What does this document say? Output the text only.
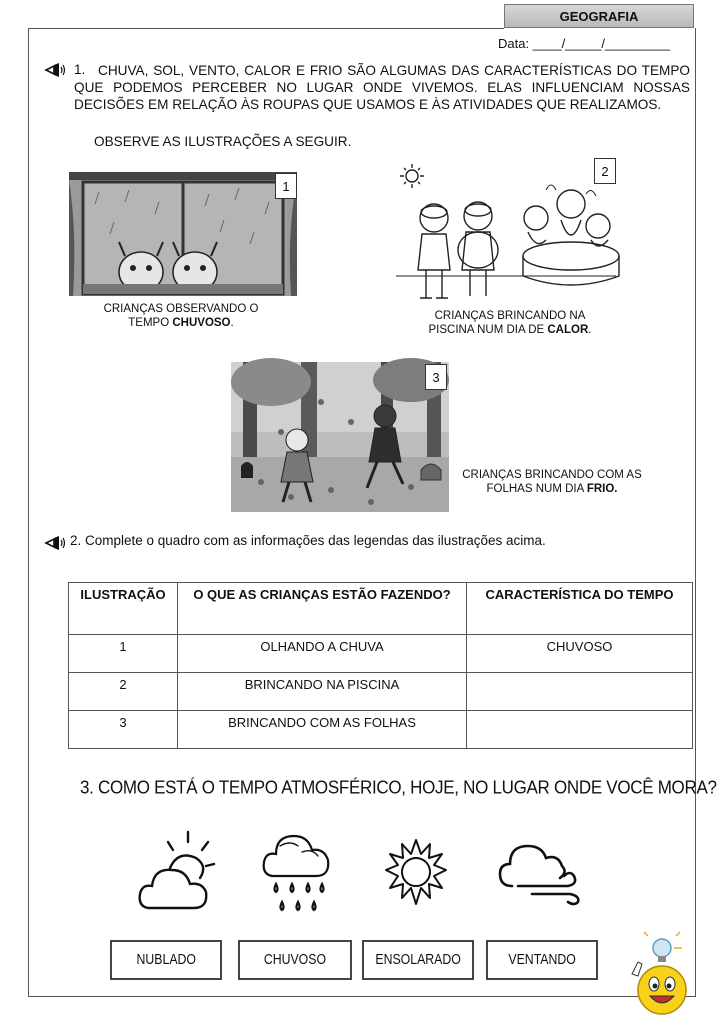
GEOGRAFIA
Data: ____/_____/_________
1. CHUVA, SOL, VENTO, CALOR E FRIO SÃO ALGUMAS DAS CARACTERÍSTICAS DO TEMPO QUE PODEMOS PERCEBER NO LUGAR ONDE VIVEMOS. ELAS INFLUENCIAM NOSSAS DECISÕES EM RELAÇÃO ÀS ROUPAS QUE USAMOS E ÀS ATIVIDADES QUE REALIZAMOS.
OBSERVE AS ILUSTRAÇÕES A SEGUIR.
1
CRIANÇAS OBSERVANDO O TEMPO CHUVOSO.
2
CRIANÇAS BRINCANDO NA PISCINA NUM DIA DE CALOR.
3
CRIANÇAS BRINCANDO COM AS FOLHAS NUM DIA FRIO.
2. Complete o quadro com as informações das legendas das ilustrações acima.
ILUSTRAÇÃO	O QUE AS CRIANÇAS ESTÃO FAZENDO?	CARACTERÍSTICA DO TEMPO
1	OLHANDO A CHUVA	CHUVOSO
2	BRINCANDO NA PISCINA	
3	BRINCANDO COM AS FOLHAS	
3. COMO ESTÁ O TEMPO ATMOSFÉRICO, HOJE, NO LUGAR ONDE VOCÊ MORA?
NUBLADO	CHUVOSO	ENSOLARADO	VENTANDO
